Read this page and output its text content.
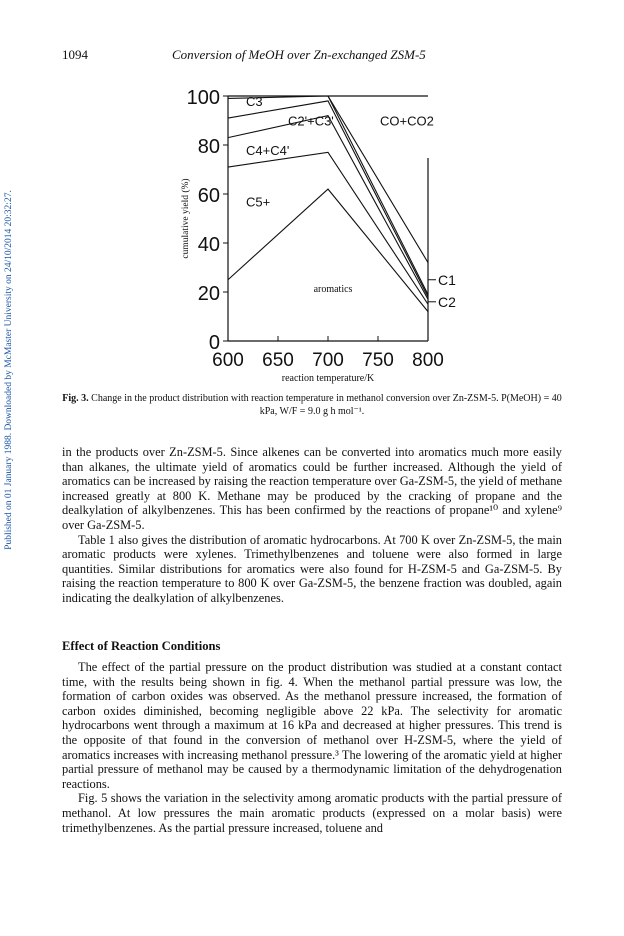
Published on 01 January 1988. Downloaded by McMaster University on 24/10/2014 20:32:27.
1094	Conversion of MeOH over Zn-exchanged ZSM-5
0
20
40
60
80
100
600 650 700 750 800
aromatics
C5+
C4+C4'
C2'+C3'
C3
CO+CO2
C1
C2
reaction temperature/K
cumulative yield (%)
Fig. 3. Change in the product distribution with reaction temperature in methanol conversion over Zn-ZSM-5. P(MeOH) = 40 kPa, W/F = 9.0 g h mol⁻¹.

in the products over Zn-ZSM-5. Since alkenes can be converted into aromatics much more easily than alkanes, the ultimate yield of aromatics could be further increased. Although the yield of aromatics can be increased by raising the reaction temperature over Ga-ZSM-5, the yield of methane increased greatly at 800 K. Methane may be produced by the cracking of propane and the dealkylation of alkylbenzenes. This has been confirmed by the reactions of propane¹⁰ and xylene⁹ over Ga-ZSM-5.

Table 1 also gives the distribution of aromatic hydrocarbons. At 700 K over Zn-ZSM-5, the main aromatic products were xylenes. Trimethylbenzenes and toluene were also formed in large quantities. Similar distributions for aromatics were also found for H-ZSM-5 and Ga-ZSM-5. By raising the reaction temperature to 800 K over Ga-ZSM-5, the benzene fraction was doubled, again indicating the dealkylation of alkylbenzenes.

Effect of Reaction Conditions

The effect of the partial pressure on the product distribution was studied at a constant contact time, with the results being shown in fig. 4. When the methanol partial pressure was low, the formation of carbon oxides was observed. As the methanol pressure increased, the formation of carbon oxides diminished, becoming negligible above 22 kPa. The selectivity for aromatic hydrocarbons went through a maximum at 16 kPa and decreased at higher pressures. This trend is the opposite of that found in the conversion of methanol over H-ZSM-5, where the yield of aromatics increases with increasing methanol pressure.³ The lowering of the aromatic yield at higher partial pressure of methanol may be caused by a thermodynamic limitation of the dehydrogenation reactions.

Fig. 5 shows the variation in the selectivity among aromatic products with the partial pressure of methanol. At low pressures the main aromatic products (expressed on a molar basis) were trimethylbenzenes. As the partial pressure increased, toluene and
